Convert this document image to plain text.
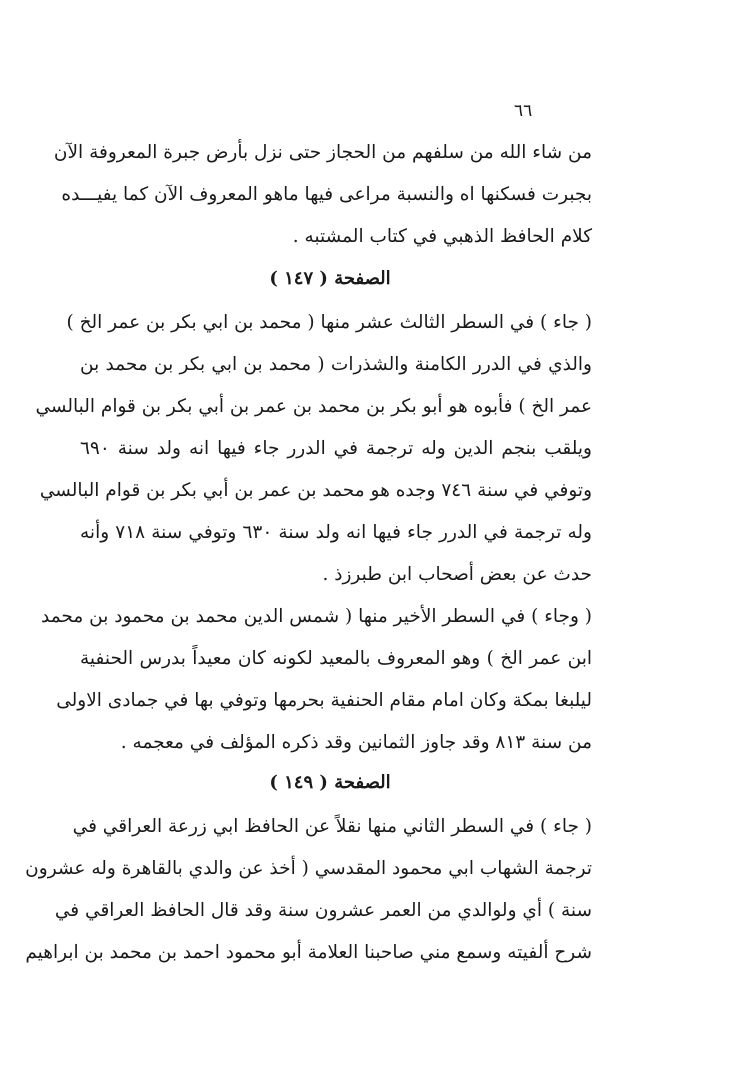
٦٦
من شاء الله من سلفهم من الحجاز حتى نزل بأرض جبرة المعروفة الآن
بجبرت فسكنها اه والنسبة مراعى فيها ماهو المعروف الآن كما يفيـــده
كلام الحافظ الذهبي في كتاب المشتبه .
الصفحة ( ١٤٧ )
( جاء ) في السطر الثالث عشر منها ( محمد بن ابي بكر بن عمر الخ )
والذي في الدرر الكامنة والشذرات ( محمد بن ابي بكر بن محمد بن
عمر الخ ) فأبوه هو أبو بكر بن محمد بن عمر بن أبي بكر بن قوام البالسي
ويلقب بنجم الدين وله ترجمة في الدرر جاء فيها انه ولد سنة ٦٩٠
وتوفي في سنة ٧٤٦ وجده هو محمد بن عمر بن أبي بكر بن قوام البالسي
وله ترجمة في الدرر جاء فيها انه ولد سنة ٦٣٠ وتوفي سنة ٧١٨ وأنه
حدث عن بعض أصحاب ابن طبرزذ .
( وجاء ) في السطر الأخير منها ( شمس الدين محمد بن محمود بن محمد
ابن عمر الخ ) وهو المعروف بالمعيد لكونه كان معيداً بدرس الحنفية
ليلبغا بمكة وكان امام مقام الحنفية بحرمها وتوفي بها في جمادى الاولى
من سنة ٨١٣ وقد جاوز الثمانين وقد ذكره المؤلف في معجمه .
الصفحة ( ١٤٩ )
( جاء ) في السطر الثاني منها نقلاً عن الحافظ ابي زرعة العراقي في
ترجمة الشهاب ابي محمود المقدسي ( أخذ عن والدي بالقاهرة وله عشرون
سنة ) أي ولوالدي من العمر عشرون سنة وقد قال الحافظ العراقي في
شرح ألفيته وسمع مني صاحبنا العلامة أبو محمود احمد بن محمد بن ابراهيم
